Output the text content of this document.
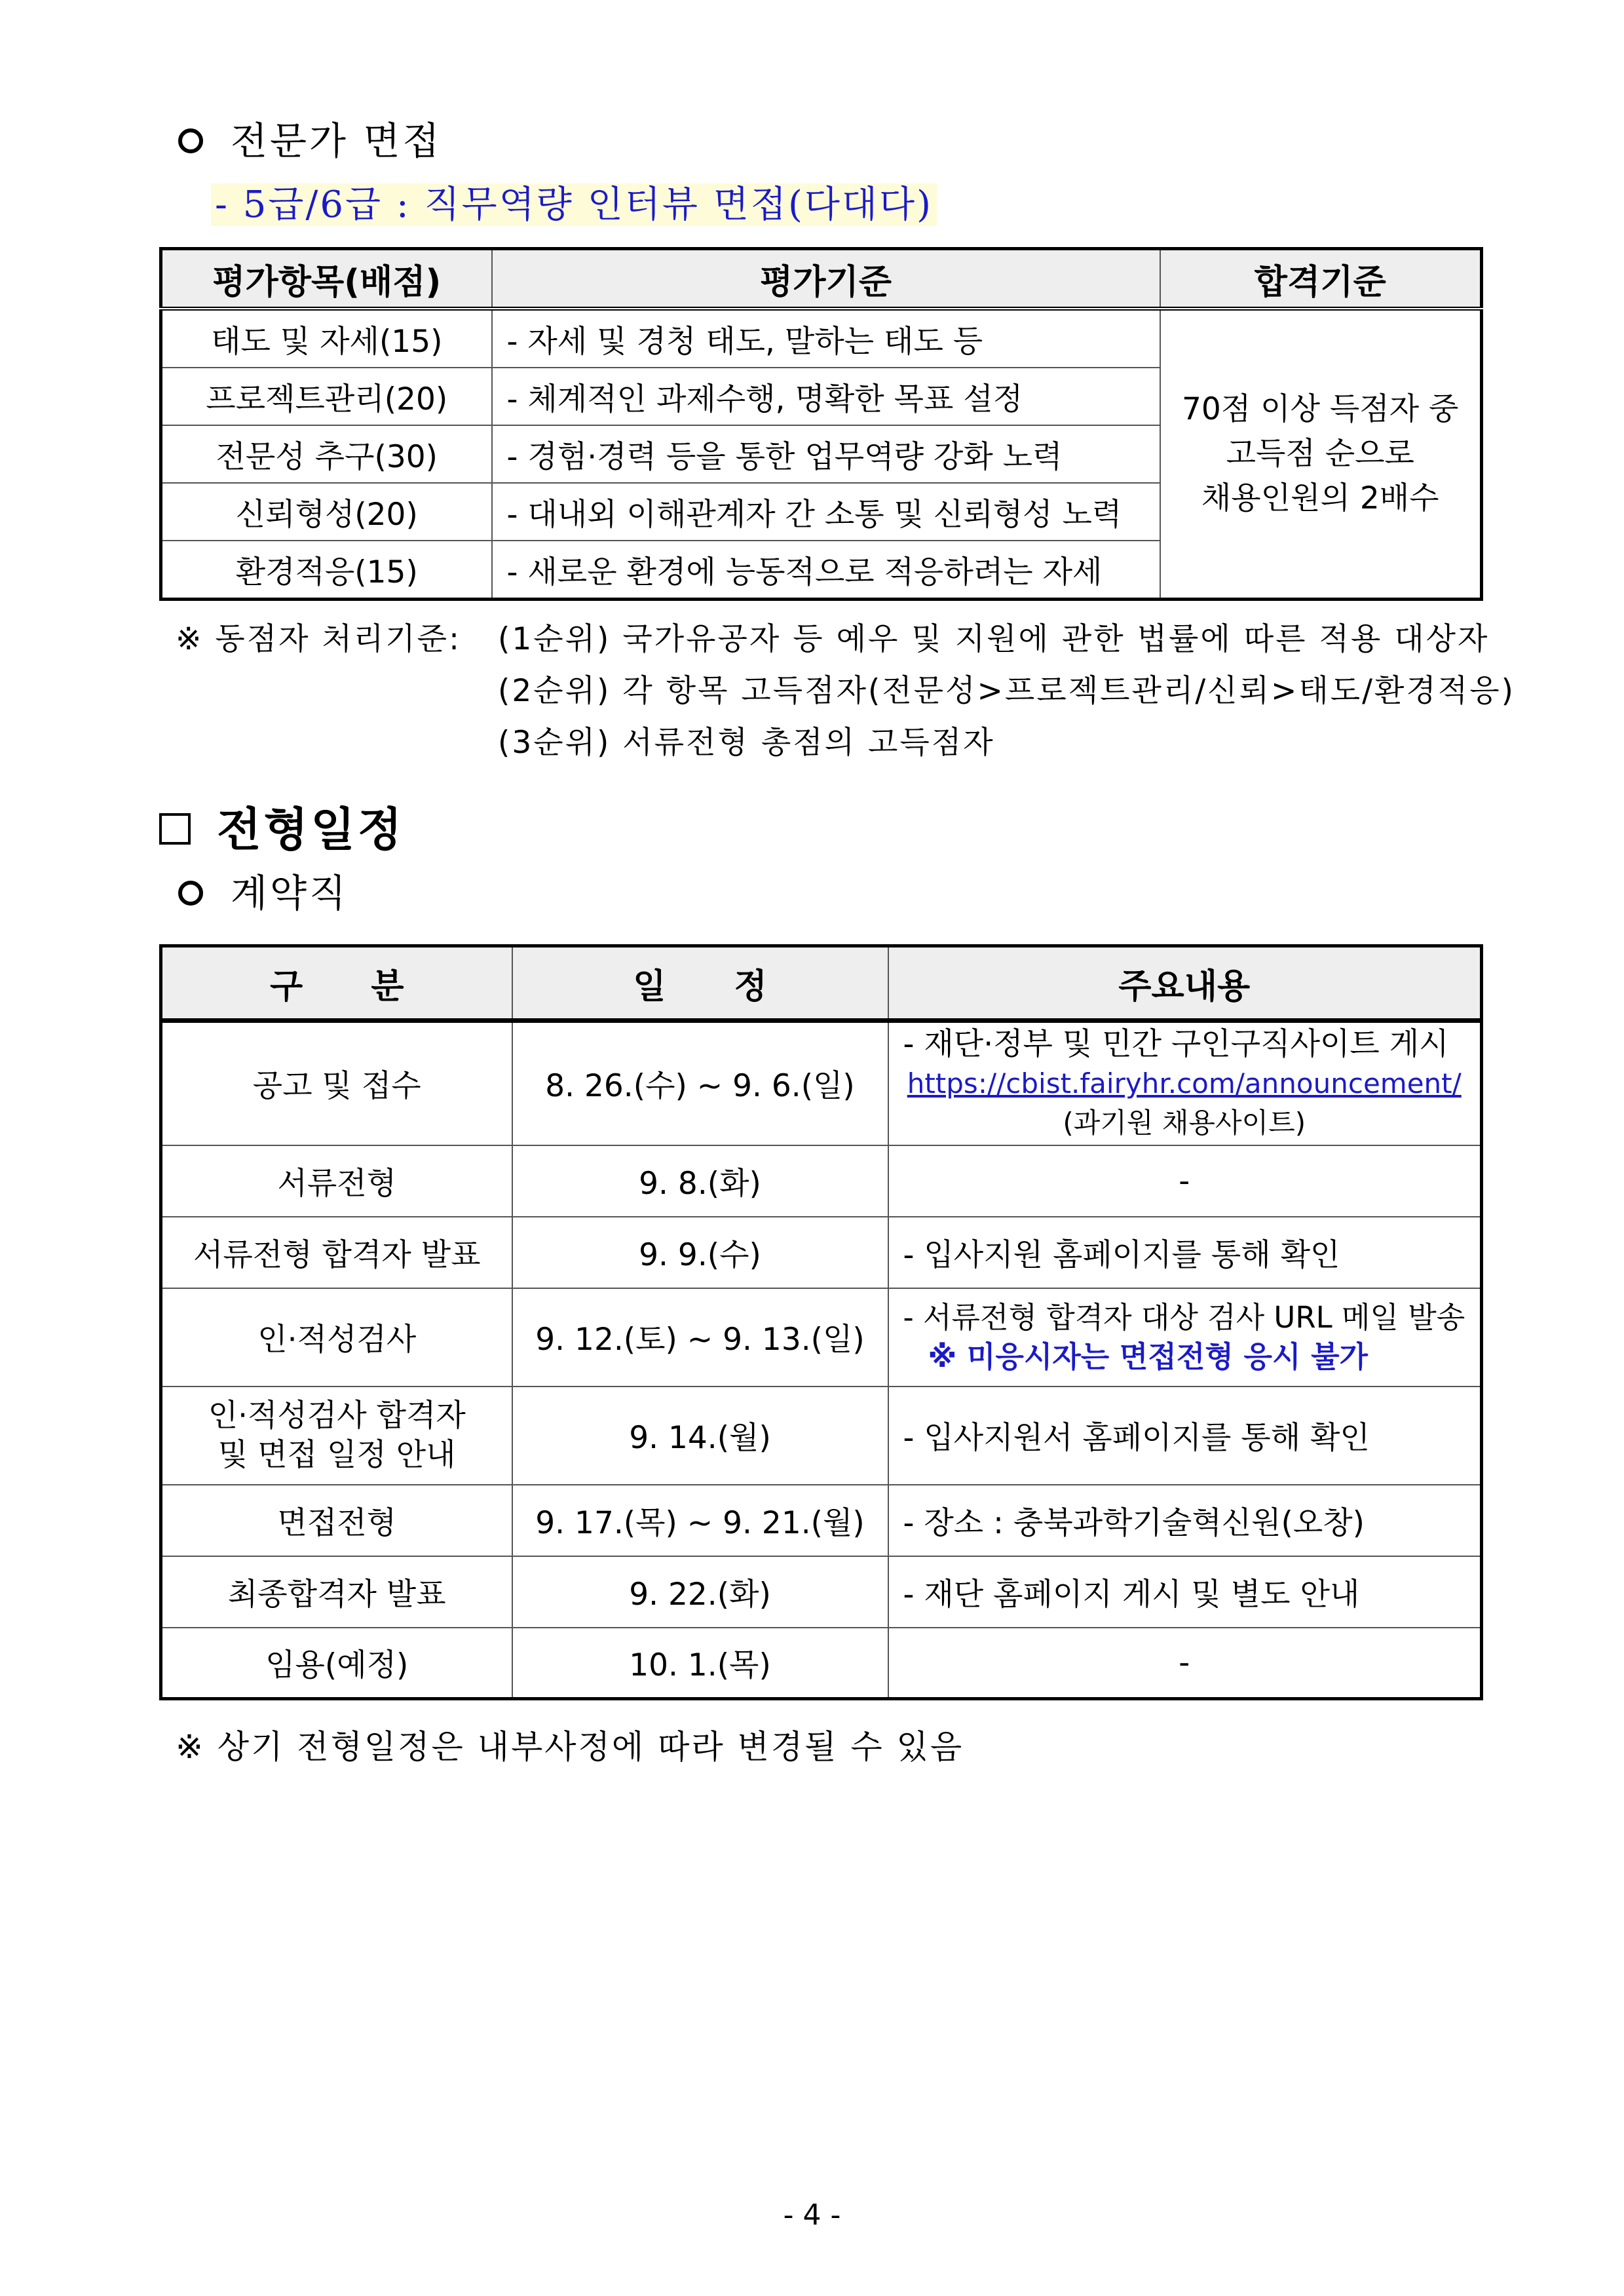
전문가 면접
- 5급/6급 : 직무역량 인터뷰 면접(다대다)
평가항목(배점)	평가기준	합격기준
태도 및 자세(15)	- 자세 및 경청 태도, 말하는 태도 등	70점 이상 득점자 중
고득점 순으로
채용인원의 2배수

프로젝트관리(20)	- 체계적인 과제수행, 명확한 목표 설정	
전문성 추구(30)	- 경험·경력 등을 통한 업무역량 강화 노력	
신뢰형성(20)	- 대내외 이해관계자 간 소통 및 신뢰형성 노력	
환경적응(15)	- 새로운 환경에 능동적으로 적응하려는 자세	
※ 동점자 처리기준: (1순위) 국가유공자 등 예우 및 지원에 관한 법률에 따른 적용 대상자
(2순위) 각 항목 고득점자(전문성>프로젝트관리/신뢰>태도/환경적응)
(3순위) 서류전형 총점의 고득점자
전형일정
계약직
구　　분	일　　정	주요내용
공고 및 접수	8. 26.(수) ~ 9. 6.(일)	- 재단·정부 및 민간 구인구직사이트 게시
https://cbist.fairyhr.com/announcement/
(과기원 채용사이트)

서류전형	9. 8.(화)	-
서류전형 합격자 발표	9. 9.(수)	- 입사지원 홈페이지를 통해 확인
인·적성검사	9. 12.(토) ~ 9. 13.(일)	- 서류전형 합격자 대상 검사 URL 메일 발송
※ 미응시자는 면접전형 응시 불가

인·적성검사 합격자
및 면접 일정 안내	9. 14.(월)	- 입사지원서 홈페이지를 통해 확인
면접전형	9. 17.(목) ~ 9. 21.(월)	- 장소 : 충북과학기술혁신원(오창)
최종합격자 발표	9. 22.(화)	- 재단 홈페이지 게시 및 별도 안내
임용(예정)	10. 1.(목)	-
※ 상기 전형일정은 내부사정에 따라 변경될 수 있음
- 4 -
